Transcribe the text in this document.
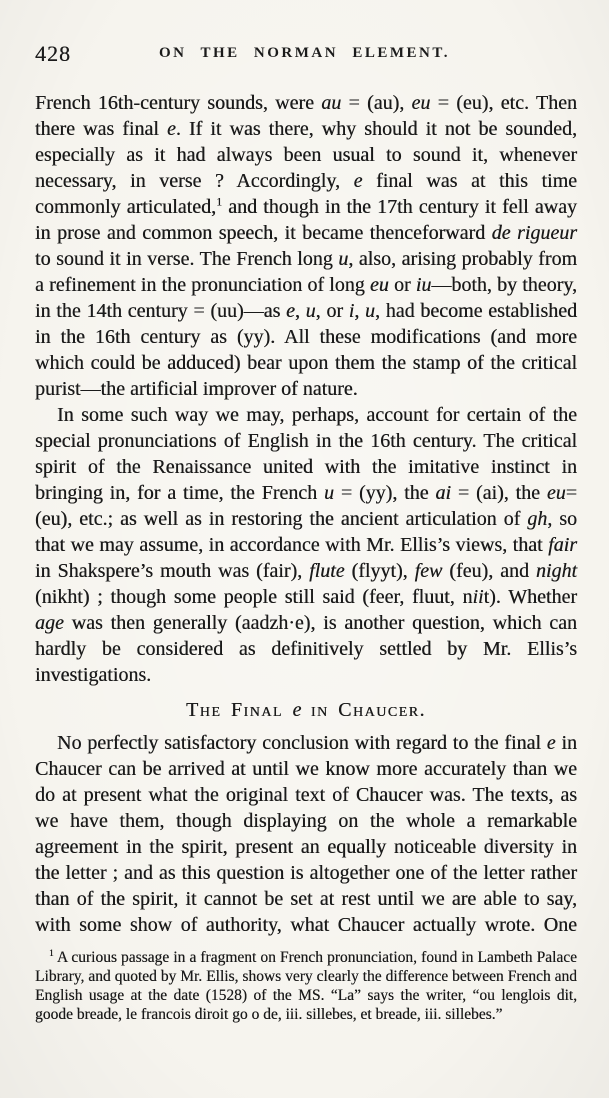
428	ON THE NORMAN ELEMENT.

French 16th-century sounds, were au = (au), eu = (eu), etc. Then there was final e. If it was there, why should it not be sounded, especially as it had always been usual to sound it, whenever necessary, in verse ? Accordingly, e final was at this time commonly articulated,$^1$ and though in the 17th century it fell away in prose and common speech, it became thenceforward de rigueur to sound it in verse. The French long u, also, arising probably from a refinement in the pronunciation of long eu or iu—both, by theory, in the 14th century = (uu)—as e, u, or i, u, had become established in the 16th century as (yy). All these modifications (and more which could be adduced) bear upon them the stamp of the critical purist—the artificial improver of nature.

In some such way we may, perhaps, account for certain of the special pronunciations of English in the 16th century. The critical spirit of the Renaissance united with the imitative instinct in bringing in, for a time, the French u = (yy), the ai = (ai), the eu=(eu), etc.; as well as in restoring the ancient articulation of gh, so that we may assume, in accordance with Mr. Ellis’s views, that fair in Shakspere’s mouth was (fair), flute (flyyt), few (feu), and night (nikht) ; though some people still said (feer, fluut, niit). Whether age was then generally (aadzh·e), is another question, which can hardly be considered as definitively settled by Mr. Ellis’s investigations.

The Final e in Chaucer.

No perfectly satisfactory conclusion with regard to the final e in Chaucer can be arrived at until we know more accurately than we do at present what the original text of Chaucer was. The texts, as we have them, though displaying on the whole a remarkable agreement in the spirit, present an equally noticeable diversity in the letter ; and as this question is altogether one of the letter rather than of the spirit, it cannot be set at rest until we are able to say, with some show of authority, what Chaucer actually wrote. One

$^1$ A curious passage in a fragment on French pronunciation, found in Lambeth Palace Library, and quoted by Mr. Ellis, shows very clearly the difference between French and English usage at the date (1528) of the MS. “La” says the writer, “ou lenglois dit, goode breade, le francois diroit go o de, iii. sillebes, et breade, iii. sillebes.”
